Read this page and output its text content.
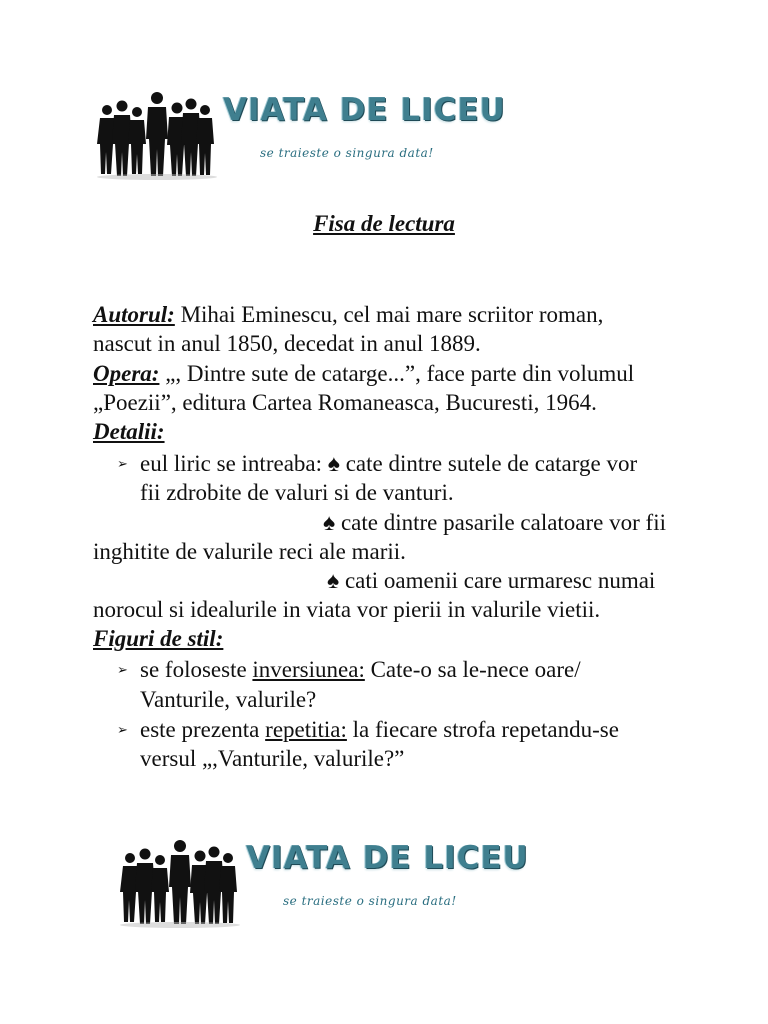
VIATA DE LICEU
se traieste o singura data!
Fisa de lectura
Autorul: Mihai Eminescu, cel mai mare scriitor roman,
nascut in anul 1850, decedat in anul 1889.
Opera: „, Dintre sute de catarge...”, face parte din volumul
„Poezii”, editura Cartea Romaneasca, Bucuresti, 1964.
Detalii:
➢ eul liric se intreaba: ♠ cate dintre sutele de catarge vor
fii zdrobite de valuri si de vanturi.
♠ cate dintre pasarile calatoare vor fii
inghitite de valurile reci ale marii.
♠ cati oamenii care urmaresc numai
norocul si idealurile in viata vor pierii in valurile vietii.
Figuri de stil:
➢ se foloseste inversiunea: Cate-o sa le-nece oare/
Vanturile, valurile?
➢ este prezenta repetitia: la fiecare strofa repetandu-se
versul „,Vanturile, valurile?”
VIATA DE LICEU
se traieste o singura data!
